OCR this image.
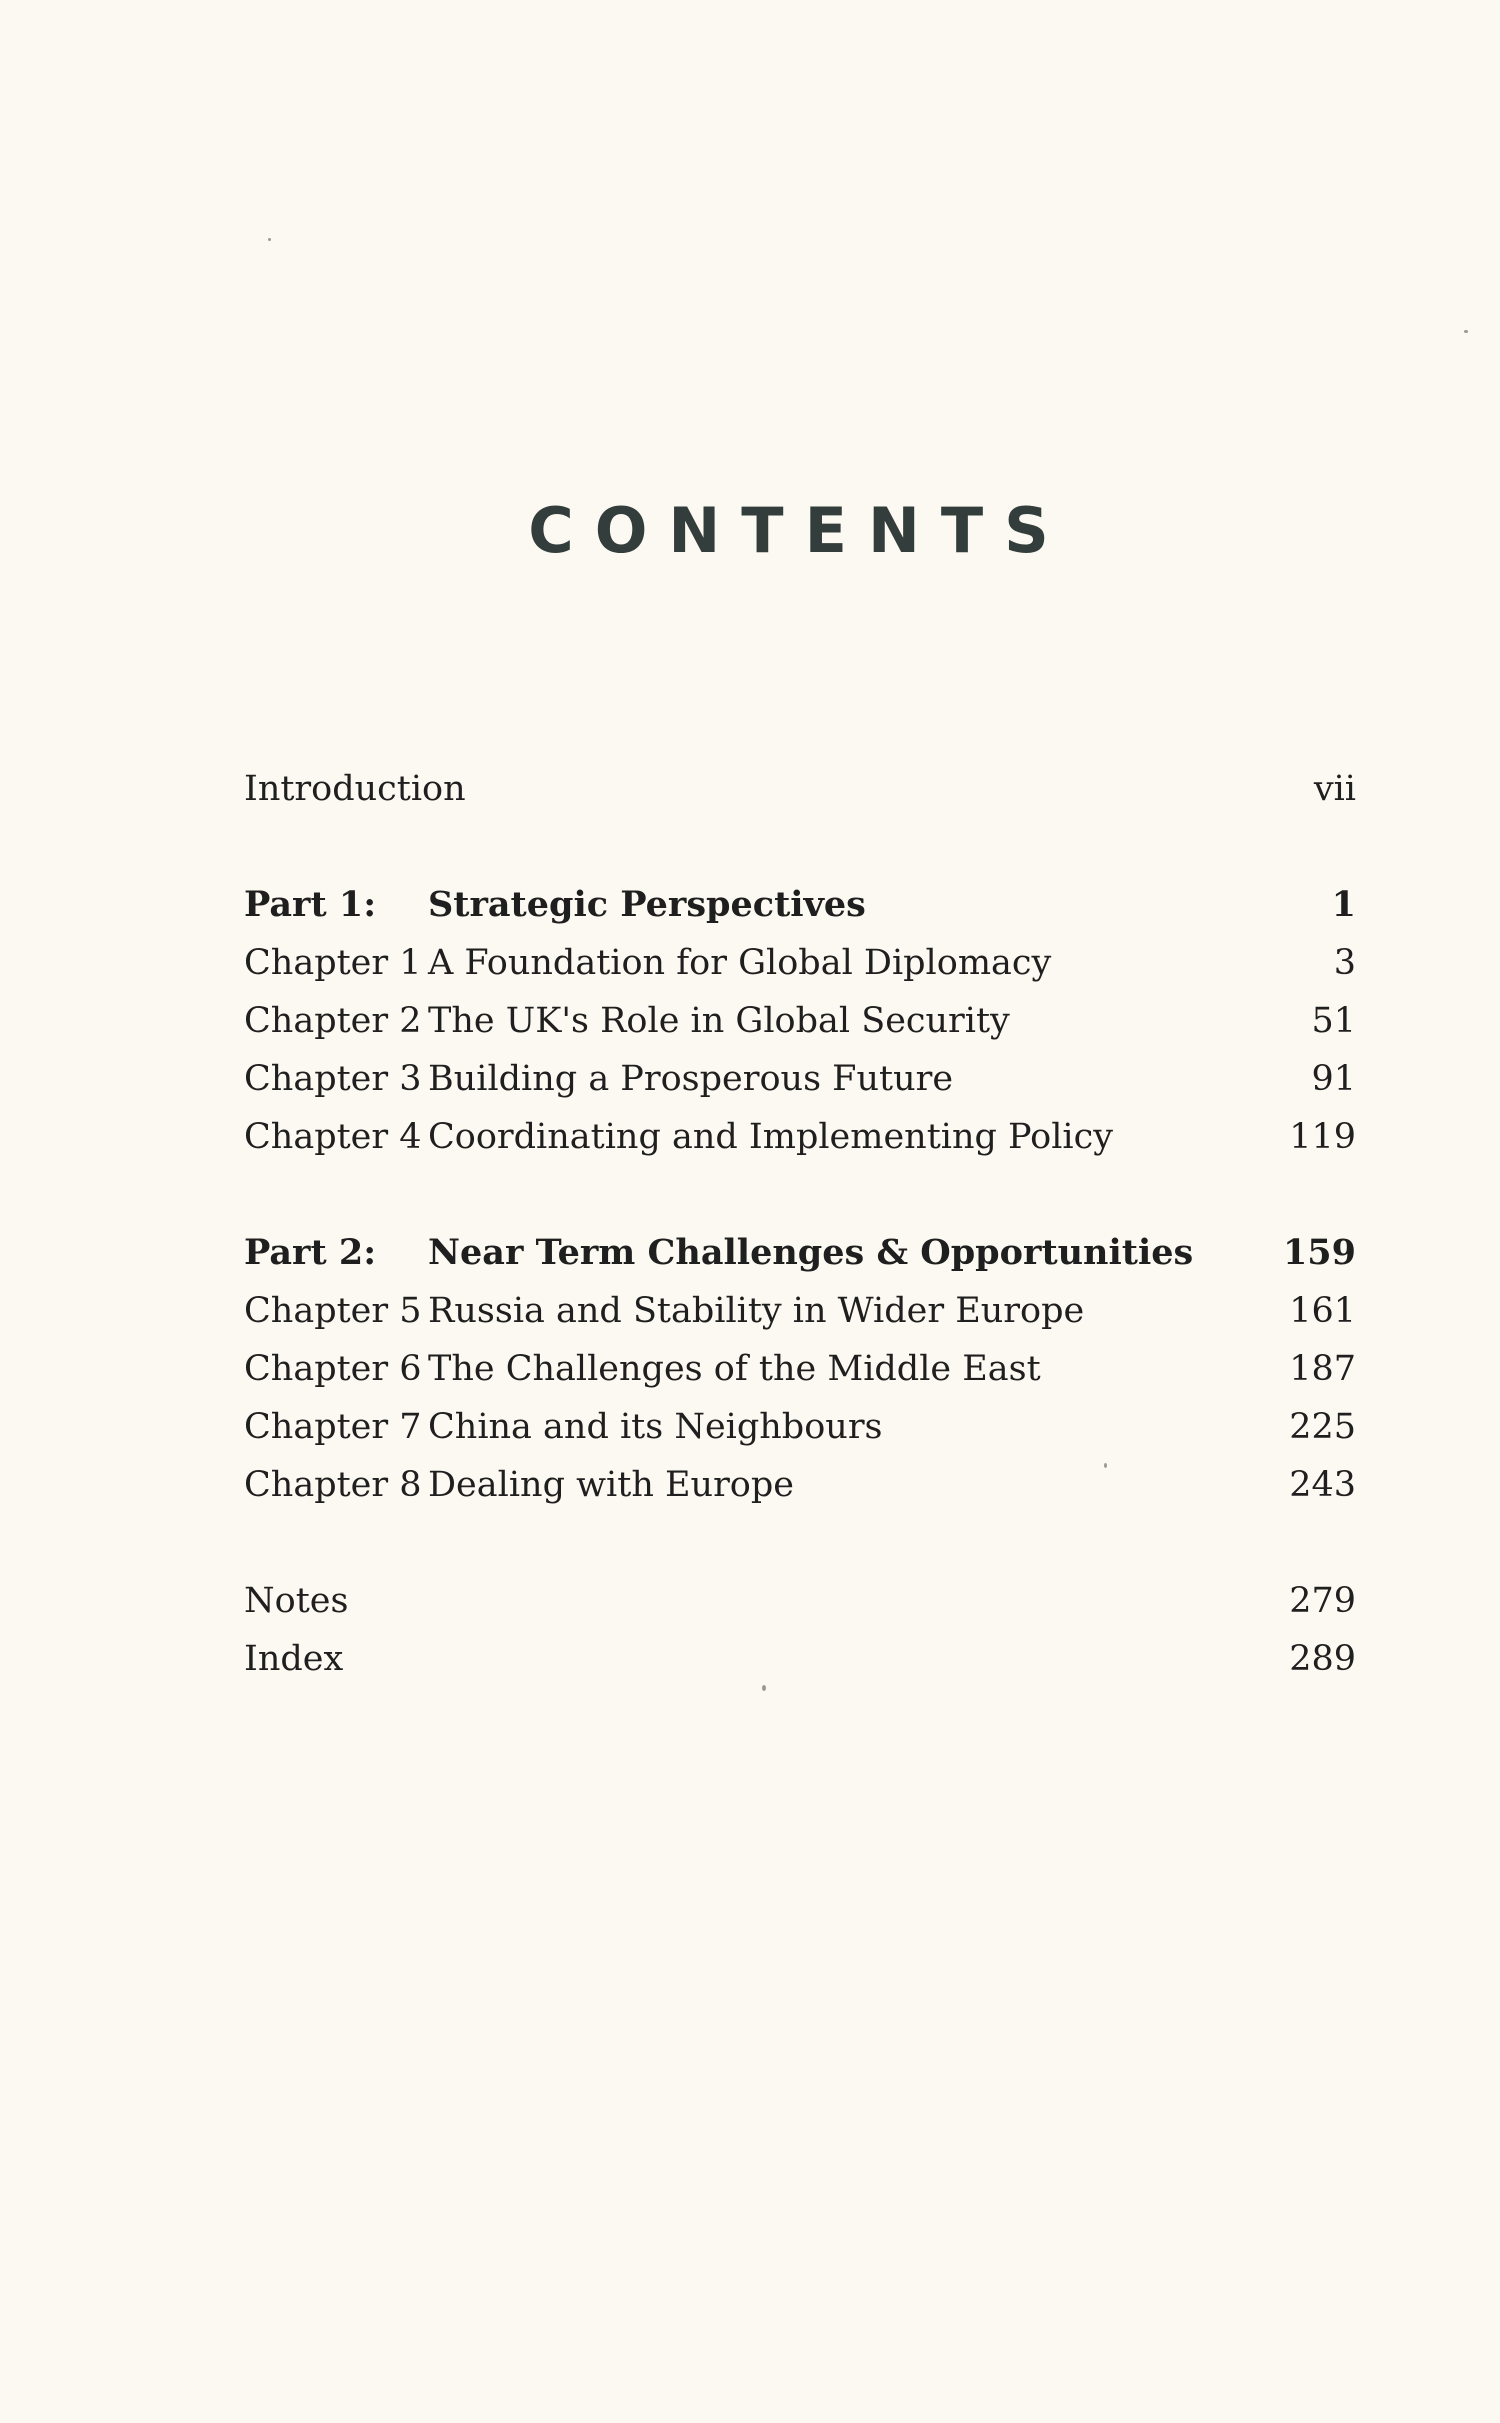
CONTENTS
Introduction	vii
Part 1: Strategic Perspectives	1
Chapter 1 A Foundation for Global Diplomacy	3
Chapter 2 The UK's Role in Global Security	51
Chapter 3 Building a Prosperous Future	91
Chapter 4 Coordinating and Implementing Policy	119
Part 2: Near Term Challenges & Opportunities	159
Chapter 5 Russia and Stability in Wider Europe	161
Chapter 6 The Challenges of the Middle East	187
Chapter 7 China and its Neighbours	225
Chapter 8 Dealing with Europe	243
Notes	279
Index	289
